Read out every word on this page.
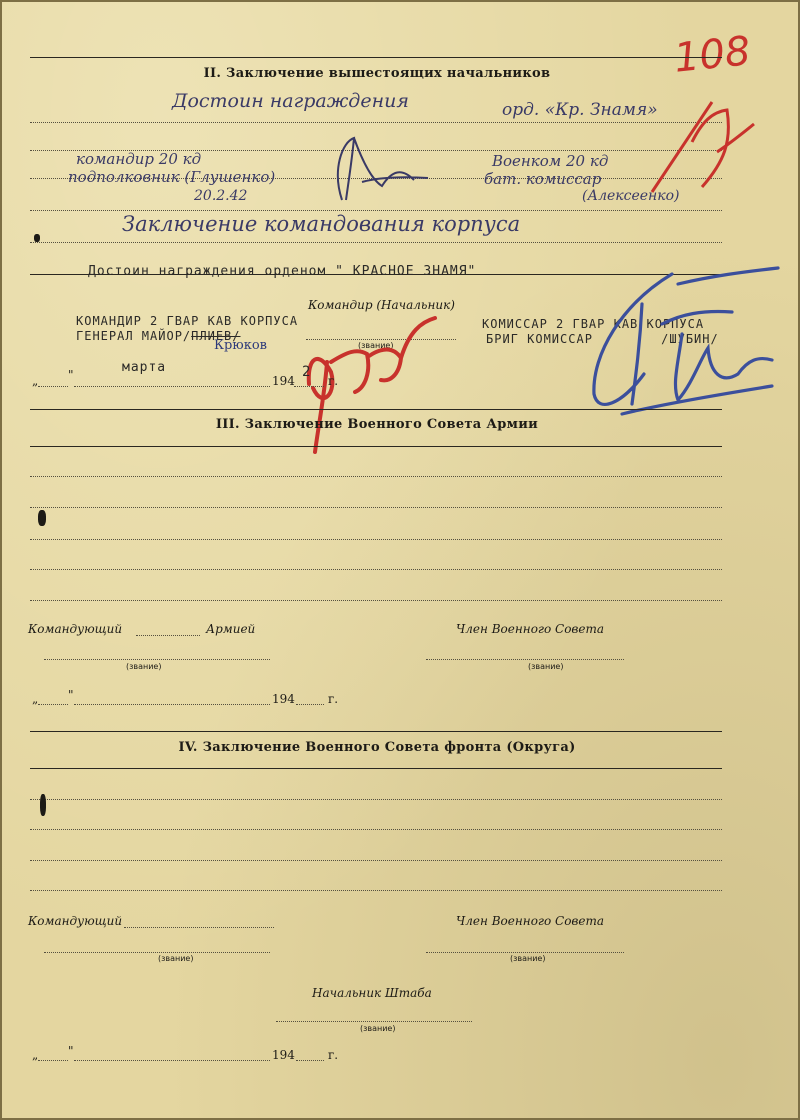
108
II. Заключение вышестоящих начальников
Достоин награждения	орд. «Кр. Знамя»
командир 20 кд
подполковник (Глушенко)
20.2.42
Военком 20 кд
бат. комиссар
(Алексеенко)
Заключение командования корпуса
Достоин награждения орденом " КРАСНОЕ ЗНАМЯ"
Командир (Начальник)
КОМАНДИР 2 ГВАР КАВ КОРПУСА
ГЕНЕРАЛ МАЙОР/ПЛИЕВ/
Крюков	(звание)
КОМИССАР 2 ГВАР КАВ КОРПУСА
БРИГ КОМИССАР	/ШУБИН/
„ "	марта
194
2
г.
III. Заключение Военного Совета Армии
Командующий	Армией	Член Военного Совета
(звание)	(звание)
„ "	194	г.
IV. Заключение Военного Совета фронта (Округа)
Командующий	Член Военного Совета
(звание)	(звание)
Начальник Штаба
(звание)
„ "	194	г.
